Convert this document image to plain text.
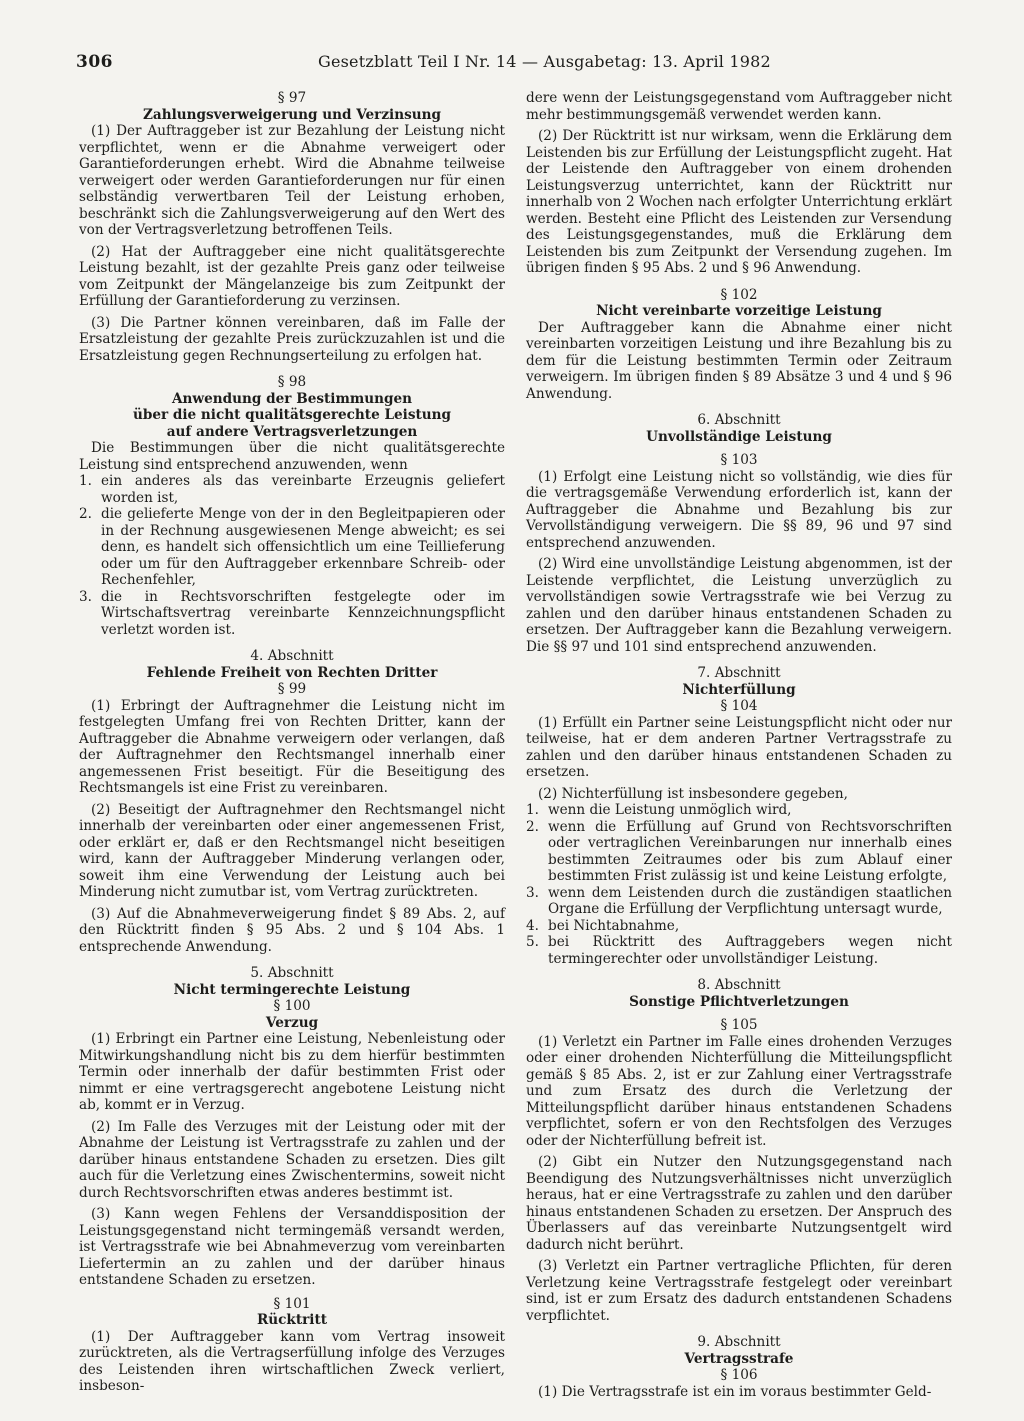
306	Gesetzblatt Teil I Nr. 14 — Ausgabetag: 13. April 1982
§ 97
Zahlungsverweigerung und Verzinsung

(1) Der Auftraggeber ist zur Bezahlung der Leistung nicht verpflichtet, wenn er die Abnahme verweigert oder Garantieforderungen erhebt. Wird die Abnahme teilweise verweigert oder werden Garantieforderungen nur für einen selbständig verwertbaren Teil der Leistung erhoben, beschränkt sich die Zahlungsverweigerung auf den Wert des von der Vertragsverletzung betroffenen Teils.

(2) Hat der Auftraggeber eine nicht qualitätsgerechte Leistung bezahlt, ist der gezahlte Preis ganz oder teilweise vom Zeitpunkt der Mängelanzeige bis zum Zeitpunkt der Erfüllung der Garantieforderung zu verzinsen.

(3) Die Partner können vereinbaren, daß im Falle der Ersatzleistung der gezahlte Preis zurückzuzahlen ist und die Ersatzleistung gegen Rechnungserteilung zu erfolgen hat.

§ 98
Anwendung der Bestimmungen
über die nicht qualitätsgerechte Leistung
auf andere Vertragsverletzungen

Die Bestimmungen über die nicht qualitätsgerechte Leistung sind entsprechend anzuwenden, wenn

1. ein anderes als das vereinbarte Erzeugnis geliefert worden ist,
2. die gelieferte Menge von der in den Begleitpapieren oder in der Rechnung ausgewiesenen Menge abweicht; es sei denn, es handelt sich offensichtlich um eine Teillieferung oder um für den Auftraggeber erkennbare Schreib- oder Rechenfehler,
3. die in Rechtsvorschriften festgelegte oder im Wirtschaftsvertrag vereinbarte Kennzeichnungspflicht verletzt worden ist.
4. Abschnitt
Fehlende Freiheit von Rechten Dritter
§ 99

(1) Erbringt der Auftragnehmer die Leistung nicht im festgelegten Umfang frei von Rechten Dritter, kann der Auftraggeber die Abnahme verweigern oder verlangen, daß der Auftragnehmer den Rechtsmangel innerhalb einer angemessenen Frist beseitigt. Für die Beseitigung des Rechtsmangels ist eine Frist zu vereinbaren.

(2) Beseitigt der Auftragnehmer den Rechtsmangel nicht innerhalb der vereinbarten oder einer angemessenen Frist, oder erklärt er, daß er den Rechtsmangel nicht beseitigen wird, kann der Auftraggeber Minderung verlangen oder, soweit ihm eine Verwendung der Leistung auch bei Minderung nicht zumutbar ist, vom Vertrag zurücktreten.

(3) Auf die Abnahmeverweigerung findet § 89 Abs. 2, auf den Rücktritt finden § 95 Abs. 2 und § 104 Abs. 1 entsprechende Anwendung.

5. Abschnitt
Nicht termingerechte Leistung
§ 100
Verzug

(1) Erbringt ein Partner eine Leistung, Nebenleistung oder Mitwirkungshandlung nicht bis zu dem hierfür bestimmten Termin oder innerhalb der dafür bestimmten Frist oder nimmt er eine vertragsgerecht angebotene Leistung nicht ab, kommt er in Verzug.

(2) Im Falle des Verzuges mit der Leistung oder mit der Abnahme der Leistung ist Vertragsstrafe zu zahlen und der darüber hinaus entstandene Schaden zu ersetzen. Dies gilt auch für die Verletzung eines Zwischentermins, soweit nicht durch Rechtsvorschriften etwas anderes bestimmt ist.

(3) Kann wegen Fehlens der Versanddisposition der Leistungsgegenstand nicht termingemäß versandt werden, ist Vertragsstrafe wie bei Abnahmeverzug vom vereinbarten Liefertermin an zu zahlen und der darüber hinaus entstandene Schaden zu ersetzen.

§ 101
Rücktritt

(1) Der Auftraggeber kann vom Vertrag insoweit zurücktreten, als die Vertragserfüllung infolge des Verzuges des Leistenden ihren wirtschaftlichen Zweck verliert, insbeson-

dere wenn der Leistungsgegenstand vom Auftraggeber nicht mehr bestimmungsgemäß verwendet werden kann.

(2) Der Rücktritt ist nur wirksam, wenn die Erklärung dem Leistenden bis zur Erfüllung der Leistungspflicht zugeht. Hat der Leistende den Auftraggeber von einem drohenden Leistungsverzug unterrichtet, kann der Rücktritt nur innerhalb von 2 Wochen nach erfolgter Unterrichtung erklärt werden. Besteht eine Pflicht des Leistenden zur Versendung des Leistungsgegenstandes, muß die Erklärung dem Leistenden bis zum Zeitpunkt der Versendung zugehen. Im übrigen finden § 95 Abs. 2 und § 96 Anwendung.

§ 102
Nicht vereinbarte vorzeitige Leistung

Der Auftraggeber kann die Abnahme einer nicht vereinbarten vorzeitigen Leistung und ihre Bezahlung bis zu dem für die Leistung bestimmten Termin oder Zeitraum verweigern. Im übrigen finden § 89 Absätze 3 und 4 und § 96 Anwendung.

6. Abschnitt
Unvollständige Leistung
§ 103

(1) Erfolgt eine Leistung nicht so vollständig, wie dies für die vertragsgemäße Verwendung erforderlich ist, kann der Auftraggeber die Abnahme und Bezahlung bis zur Vervollständigung verweigern. Die §§ 89, 96 und 97 sind entsprechend anzuwenden.

(2) Wird eine unvollständige Leistung abgenommen, ist der Leistende verpflichtet, die Leistung unverzüglich zu vervollständigen sowie Vertragsstrafe wie bei Verzug zu zahlen und den darüber hinaus entstandenen Schaden zu ersetzen. Der Auftraggeber kann die Bezahlung verweigern. Die §§ 97 und 101 sind entsprechend anzuwenden.

7. Abschnitt
Nichterfüllung
§ 104

(1) Erfüllt ein Partner seine Leistungspflicht nicht oder nur teilweise, hat er dem anderen Partner Vertragsstrafe zu zahlen und den darüber hinaus entstandenen Schaden zu ersetzen.

(2) Nichterfüllung ist insbesondere gegeben,

1. wenn die Leistung unmöglich wird,
2. wenn die Erfüllung auf Grund von Rechtsvorschriften oder vertraglichen Vereinbarungen nur innerhalb eines bestimmten Zeitraumes oder bis zum Ablauf einer bestimmten Frist zulässig ist und keine Leistung erfolgte,
3. wenn dem Leistenden durch die zuständigen staatlichen Organe die Erfüllung der Verpflichtung untersagt wurde,
4. bei Nichtabnahme,
5. bei Rücktritt des Auftraggebers wegen nicht termingerechter oder unvollständiger Leistung.
8. Abschnitt
Sonstige Pflichtverletzungen
§ 105

(1) Verletzt ein Partner im Falle eines drohenden Verzuges oder einer drohenden Nichterfüllung die Mitteilungspflicht gemäß § 85 Abs. 2, ist er zur Zahlung einer Vertragsstrafe und zum Ersatz des durch die Verletzung der Mitteilungspflicht darüber hinaus entstandenen Schadens verpflichtet, sofern er von den Rechtsfolgen des Verzuges oder der Nichterfüllung befreit ist.

(2) Gibt ein Nutzer den Nutzungsgegenstand nach Beendigung des Nutzungsverhältnisses nicht unverzüglich heraus, hat er eine Vertragsstrafe zu zahlen und den darüber hinaus entstandenen Schaden zu ersetzen. Der Anspruch des Überlassers auf das vereinbarte Nutzungsentgelt wird dadurch nicht berührt.

(3) Verletzt ein Partner vertragliche Pflichten, für deren Verletzung keine Vertragsstrafe festgelegt oder vereinbart sind, ist er zum Ersatz des dadurch entstandenen Schadens verpflichtet.

9. Abschnitt
Vertragsstrafe
§ 106

(1) Die Vertragsstrafe ist ein im voraus bestimmter Geld-
